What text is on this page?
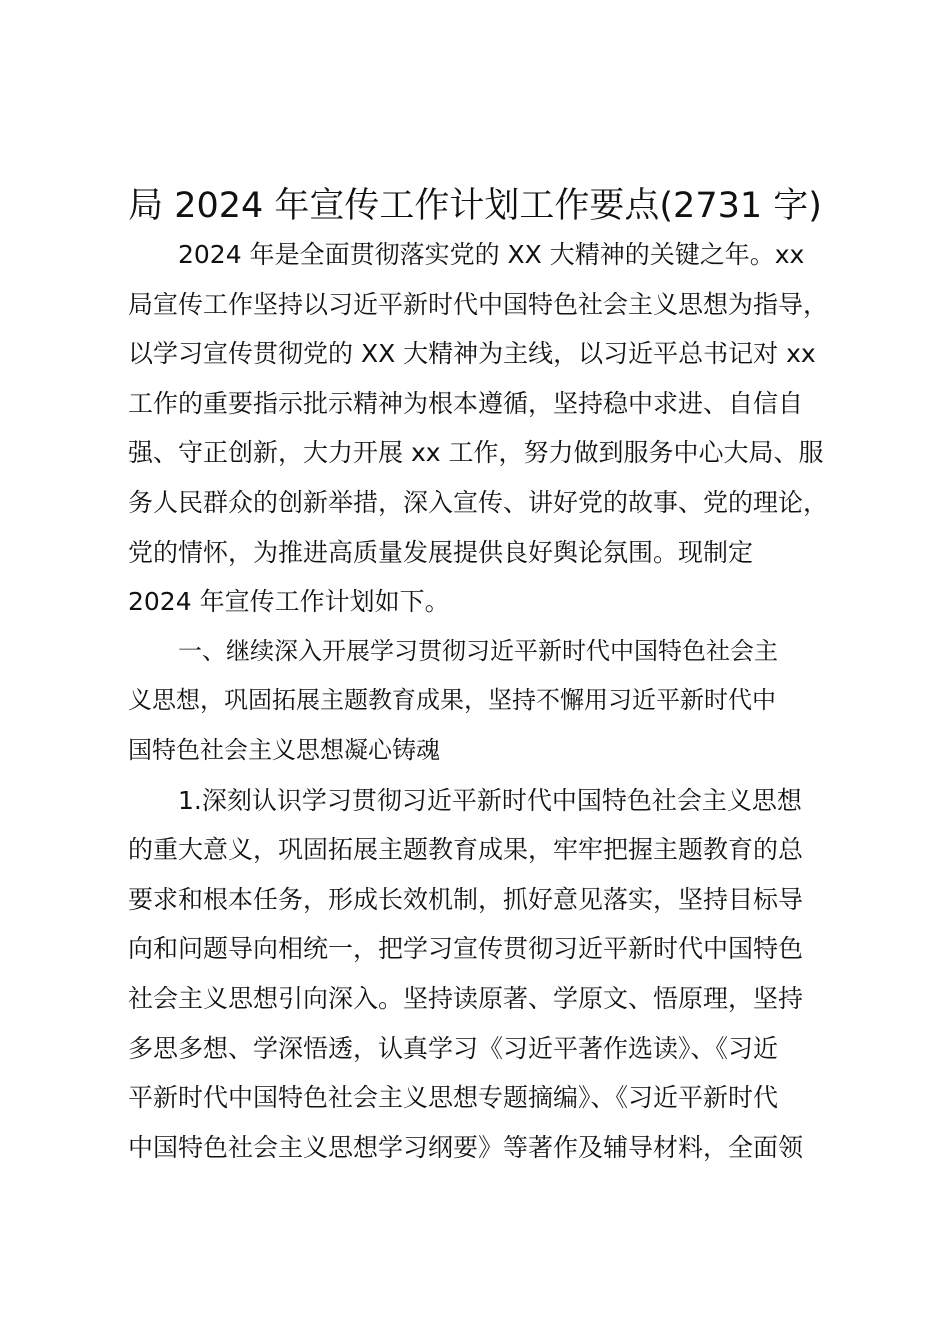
局 2024 年宣传工作计划工作要点(2731 字)
2024 年是全面贯彻落实党的 XX 大精神的关键之年。xx
局宣传工作坚持以习近平新时代中国特色社会主义思想为指导，
以学习宣传贯彻党的 XX 大精神为主线，以习近平总书记对 xx
工作的重要指示批示精神为根本遵循，坚持稳中求进、自信自
强、守正创新，大力开展 xx 工作，努力做到服务中心大局、服
务人民群众的创新举措，深入宣传、讲好党的故事、党的理论，
党的情怀，为推进高质量发展提供良好舆论氛围。现制定
2024 年宣传工作计划如下。
一、继续深入开展学习贯彻习近平新时代中国特色社会主
义思想，巩固拓展主题教育成果，坚持不懈用习近平新时代中
国特色社会主义思想凝心铸魂
1.深刻认识学习贯彻习近平新时代中国特色社会主义思想
的重大意义，巩固拓展主题教育成果，牢牢把握主题教育的总
要求和根本任务，形成长效机制，抓好意见落实，坚持目标导
向和问题导向相统一，把学习宣传贯彻习近平新时代中国特色
社会主义思想引向深入。坚持读原著、学原文、悟原理，坚持
多思多想、学深悟透，认真学习《习近平著作选读》、《习近
平新时代中国特色社会主义思想专题摘编》、《习近平新时代
中国特色社会主义思想学习纲要》等著作及辅导材料，全面领
